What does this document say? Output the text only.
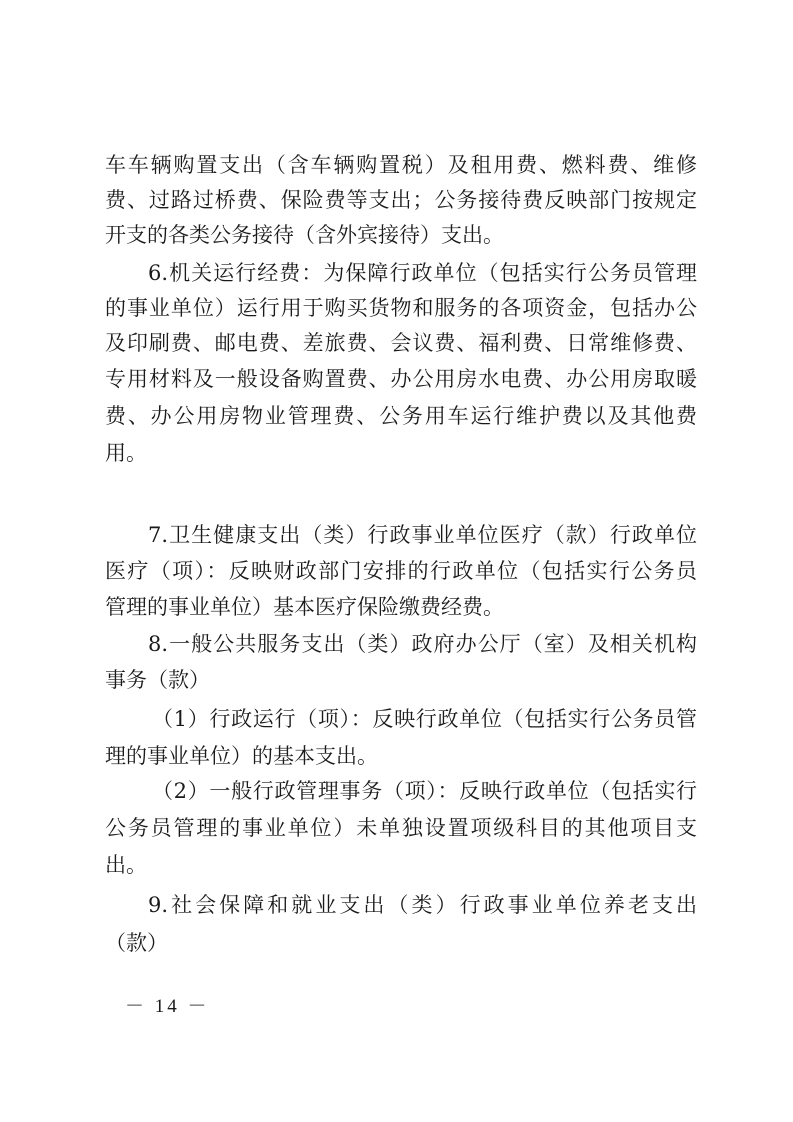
车车辆购置支出（含车辆购置税）及租用费、燃料费、维修
费、过路过桥费、保险费等支出；公务接待费反映部门按规定
开支的各类公务接待（含外宾接待）支出。
6.机关运行经费：为保障行政单位（包括实行公务员管理
的事业单位）运行用于购买货物和服务的各项资金，包括办公
及印刷费、邮电费、差旅费、会议费、福利费、日常维修费、
专用材料及一般设备购置费、办公用房水电费、办公用房取暖
费、办公用房物业管理费、公务用车运行维护费以及其他费
用。
7.卫生健康支出（类）行政事业单位医疗（款）行政单位
医疗（项）：反映财政部门安排的行政单位（包括实行公务员
管理的事业单位）基本医疗保险缴费经费。
8.一般公共服务支出（类）政府办公厅（室）及相关机构
事务（款）
（1）行政运行（项）：反映行政单位（包括实行公务员管
理的事业单位）的基本支出。
（2）一般行政管理事务（项）：反映行政单位（包括实行
公务员管理的事业单位）未单独设置项级科目的其他项目支
出。
9.社会保障和就业支出（类）行政事业单位养老支出
（款）
－ 14 －
